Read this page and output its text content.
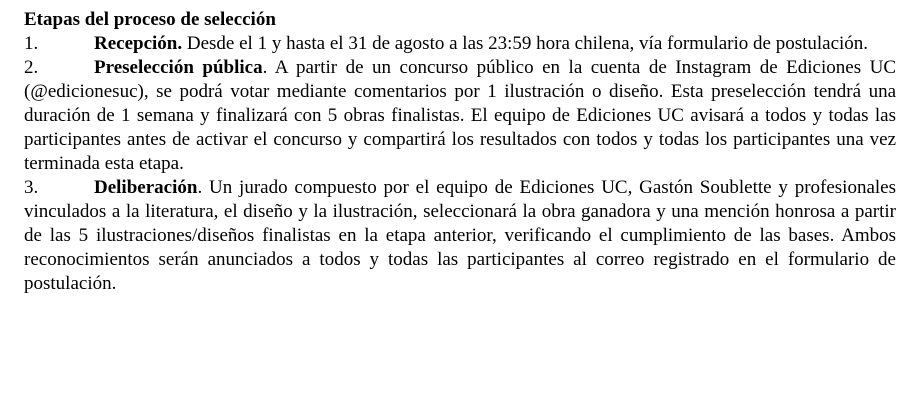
Etapas del proceso de selección

1.	Recepción. Desde el 1 y hasta el 31 de agosto a las 23:59 hora chilena, vía formulario de postulación.

2.	Preselección pública. A partir de un concurso público en la cuenta de Instagram de Ediciones UC (@edicionesuc), se podrá votar mediante comentarios por 1 ilustración o diseño. Esta preselección tendrá una duración de 1 semana y finalizará con 5 obras finalistas. El equipo de Ediciones UC avisará a todos y todas las participantes antes de activar el concurso y compartirá los resultados con todos y todas los participantes una vez terminada esta etapa.

3.	Deliberación. Un jurado compuesto por el equipo de Ediciones UC, Gastón Soublette y profesionales vinculados a la literatura, el diseño y la ilustración, seleccionará la obra ganadora y una mención honrosa a partir de las 5 ilustraciones/diseños finalistas en la etapa anterior, verificando el cumplimiento de las bases. Ambos reconocimientos serán anunciados a todos y todas las participantes al correo registrado en el formulario de postulación.
